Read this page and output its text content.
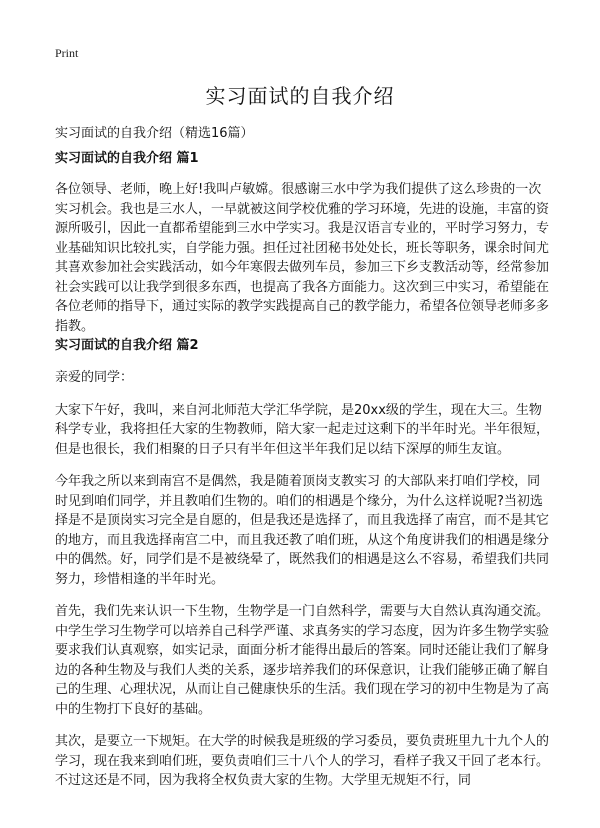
Print
实习面试的自我介绍

实习面试的自我介绍（精选16篇）

实习面试的自我介绍 篇1

各位领导、老师，晚上好!我叫卢敏嫦。很感谢三水中学为我们提供了这么珍贵的一次实习机会。我也是三水人，一早就被这间学校优雅的学习环境，先进的设施，丰富的资源所吸引，因此一直都希望能到三水中学实习。我是汉语言专业的，平时学习努力，专业基础知识比较扎实，自学能力强。担任过社团秘书处处长，班长等职务，课余时间尤其喜欢参加社会实践活动，如今年寒假去做列车员，参加三下乡支教活动等，经常参加社会实践可以让我学到很多东西，也提高了我各方面能力。这次到三中实习，希望能在各位老师的指导下，通过实际的教学实践提高自己的教学能力，希望各位领导老师多多指教。

实习面试的自我介绍 篇2

亲爱的同学：

大家下午好，我叫，来自河北师范大学汇华学院，是20xx级的学生，现在大三。生物科学专业，我将担任大家的生物教师，陪大家一起走过这剩下的半年时光。半年很短，但是也很长，我们相聚的日子只有半年但这半年我们足以结下深厚的师生友谊。

今年我之所以来到南宫不是偶然，我是随着顶岗支教实习 的大部队来打咱们学校，同时见到咱们同学，并且教咱们生物的。咱们的相遇是个缘分，为什么这样说呢?当初选择是不是顶岗实习完全是自愿的，但是我还是选择了，而且我选择了南宫，而不是其它的地方，而且我选择南宫二中，而且我还教了咱们班，从这个角度讲我们的相遇是缘分中的偶然。好，同学们是不是被绕晕了，既然我们的相遇是这么不容易，希望我们共同努力，珍惜相逢的半年时光。

首先，我们先来认识一下生物，生物学是一门自然科学，需要与大自然认真沟通交流。中学生学习生物学可以培养自己科学严谨、求真务实的学习态度，因为许多生物学实验要求我们认真观察，如实记录，面面分析才能得出最后的答案。同时还能让我们了解身边的各种生物及与我们人类的关系，逐步培养我们的环保意识，让我们能够正确了解自己的生理、心理状况，从而让自己健康快乐的生活。我们现在学习的初中生物是为了高中的生物打下良好的基础。

其次，是要立一下规矩。在大学的时候我是班级的学习委员，要负责班里九十九个人的学习，现在我来到咱们班，要负责咱们三十八个人的学习，看样子我又干回了老本行。不过这还是不同，因为我将全权负责大家的生物。大学里无规矩不行，同
